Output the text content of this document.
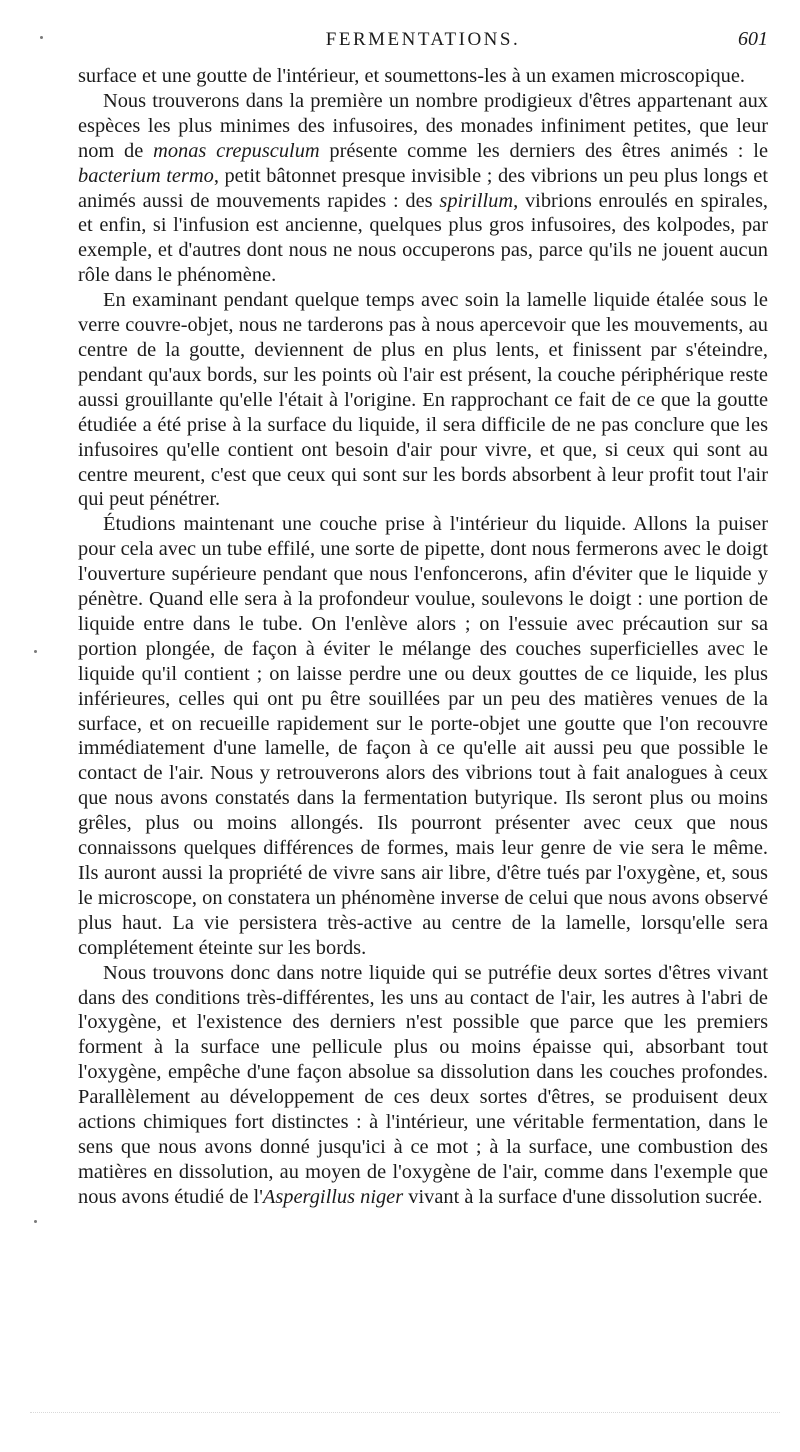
FERMENTATIONS.	601

surface et une goutte de l'intérieur, et soumettons-les à un examen microscopique.

Nous trouverons dans la première un nombre prodigieux d'êtres appartenant aux espèces les plus minimes des infusoires, des monades infiniment petites, que leur nom de monas crepusculum présente comme les derniers des êtres animés : le bacterium termo, petit bâtonnet presque invisible ; des vibrions un peu plus longs et animés aussi de mouvements rapides : des spirillum, vibrions enroulés en spirales, et enfin, si l'infusion est ancienne, quelques plus gros infusoires, des kolpodes, par exemple, et d'autres dont nous ne nous occuperons pas, parce qu'ils ne jouent aucun rôle dans le phénomène.

En examinant pendant quelque temps avec soin la lamelle liquide étalée sous le verre couvre-objet, nous ne tarderons pas à nous apercevoir que les mouvements, au centre de la goutte, deviennent de plus en plus lents, et finissent par s'éteindre, pendant qu'aux bords, sur les points où l'air est présent, la couche périphérique reste aussi grouillante qu'elle l'était à l'origine. En rapprochant ce fait de ce que la goutte étudiée a été prise à la surface du liquide, il sera difficile de ne pas conclure que les infusoires qu'elle contient ont besoin d'air pour vivre, et que, si ceux qui sont au centre meurent, c'est que ceux qui sont sur les bords absorbent à leur profit tout l'air qui peut pénétrer.

Étudions maintenant une couche prise à l'intérieur du liquide. Allons la puiser pour cela avec un tube effilé, une sorte de pipette, dont nous fermerons avec le doigt l'ouverture supérieure pendant que nous l'enfoncerons, afin d'éviter que le liquide y pénètre. Quand elle sera à la profondeur voulue, soulevons le doigt : une portion de liquide entre dans le tube. On l'enlève alors ; on l'essuie avec précaution sur sa portion plongée, de façon à éviter le mélange des couches superficielles avec le liquide qu'il contient ; on laisse perdre une ou deux gouttes de ce liquide, les plus inférieures, celles qui ont pu être souillées par un peu des matières venues de la surface, et on recueille rapidement sur le porte-objet une goutte que l'on recouvre immédiatement d'une lamelle, de façon à ce qu'elle ait aussi peu que possible le contact de l'air. Nous y retrouverons alors des vibrions tout à fait analogues à ceux que nous avons constatés dans la fermentation butyrique. Ils seront plus ou moins grêles, plus ou moins allongés. Ils pourront présenter avec ceux que nous connaissons quelques différences de formes, mais leur genre de vie sera le même. Ils auront aussi la propriété de vivre sans air libre, d'être tués par l'oxygène, et, sous le microscope, on constatera un phénomène inverse de celui que nous avons observé plus haut. La vie persistera très-active au centre de la lamelle, lorsqu'elle sera complétement éteinte sur les bords.

Nous trouvons donc dans notre liquide qui se putréfie deux sortes d'êtres vivant dans des conditions très-différentes, les uns au contact de l'air, les autres à l'abri de l'oxygène, et l'existence des derniers n'est possible que parce que les premiers forment à la surface une pellicule plus ou moins épaisse qui, absorbant tout l'oxygène, empêche d'une façon absolue sa dissolution dans les couches profondes. Parallèlement au développement de ces deux sortes d'êtres, se produisent deux actions chimiques fort distinctes : à l'intérieur, une véritable fermentation, dans le sens que nous avons donné jusqu'ici à ce mot ; à la surface, une combustion des matières en dissolution, au moyen de l'oxygène de l'air, comme dans l'exemple que nous avons étudié de l'Aspergillus niger vivant à la surface d'une dissolution sucrée.
